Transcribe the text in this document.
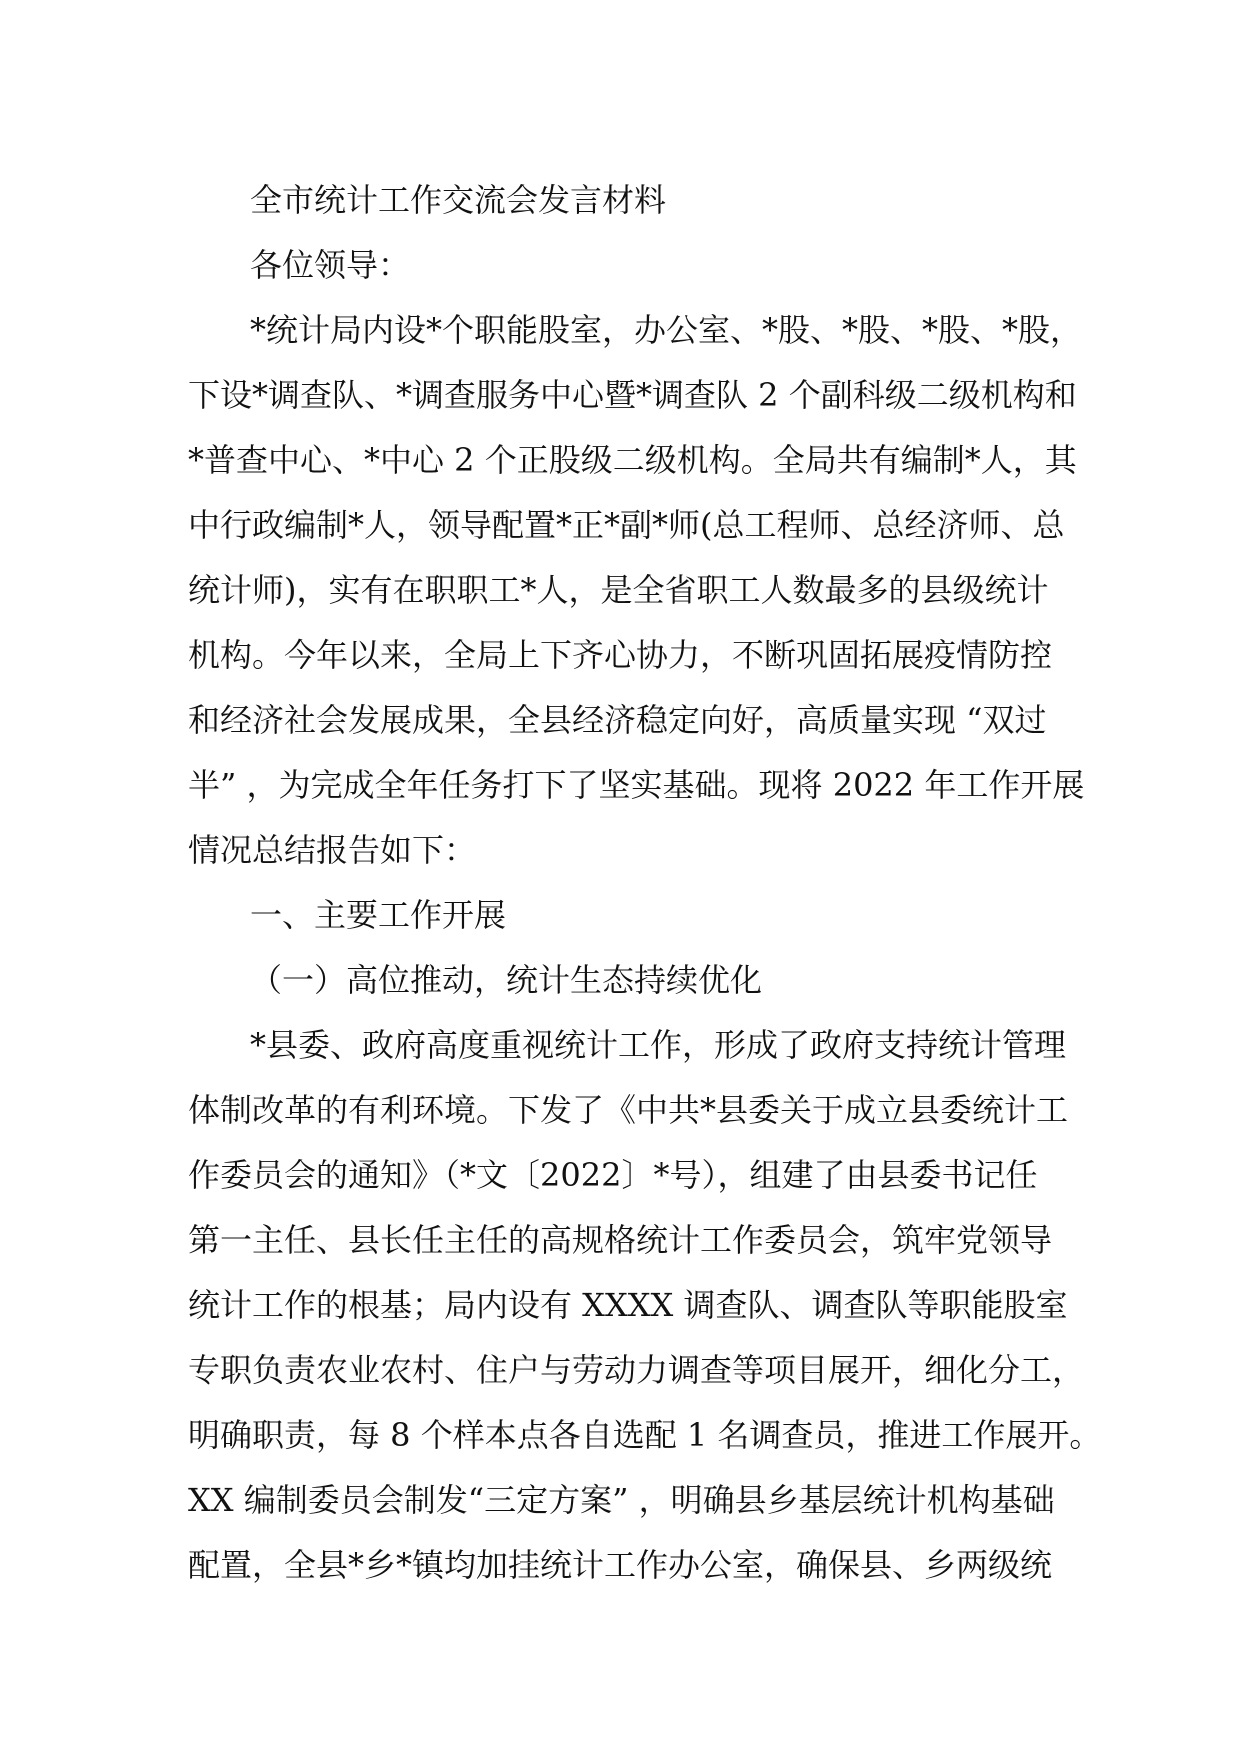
全市统计工作交流会发言材料
各位领导：
*统计局内设*个职能股室，办公室、*股、*股、*股、*股，
下设*调查队、*调查服务中心暨*调查队 2 个副科级二级机构和
*普查中心、*中心 2 个正股级二级机构。全局共有编制*人，其
中行政编制*人，领导配置*正*副*师(总工程师、总经济师、总
统计师)，实有在职职工*人，是全省职工人数最多的县级统计
机构。今年以来，全局上下齐心协力，不断巩固拓展疫情防控
和经济社会发展成果，全县经济稳定向好，高质量实现 “双过
半” ，为完成全年任务打下了坚实基础。现将 2022 年工作开展
情况总结报告如下：
一、主要工作开展
（一）高位推动，统计生态持续优化
*县委、政府高度重视统计工作，形成了政府支持统计管理
体制改革的有利环境。下发了《中共*县委关于成立县委统计工
作委员会的通知》（*文〔2022〕*号），组建了由县委书记任
第一主任、县长任主任的高规格统计工作委员会，筑牢党领导
统计工作的根基；局内设有 XXXX 调查队、调查队等职能股室
专职负责农业农村、住户与劳动力调查等项目展开，细化分工，
明确职责，每 8 个样本点各自选配 1 名调查员，推进工作展开。
XX 编制委员会制发“三定方案” ，明确县乡基层统计机构基础
配置，全县*乡*镇均加挂统计工作办公室，确保县、乡两级统
